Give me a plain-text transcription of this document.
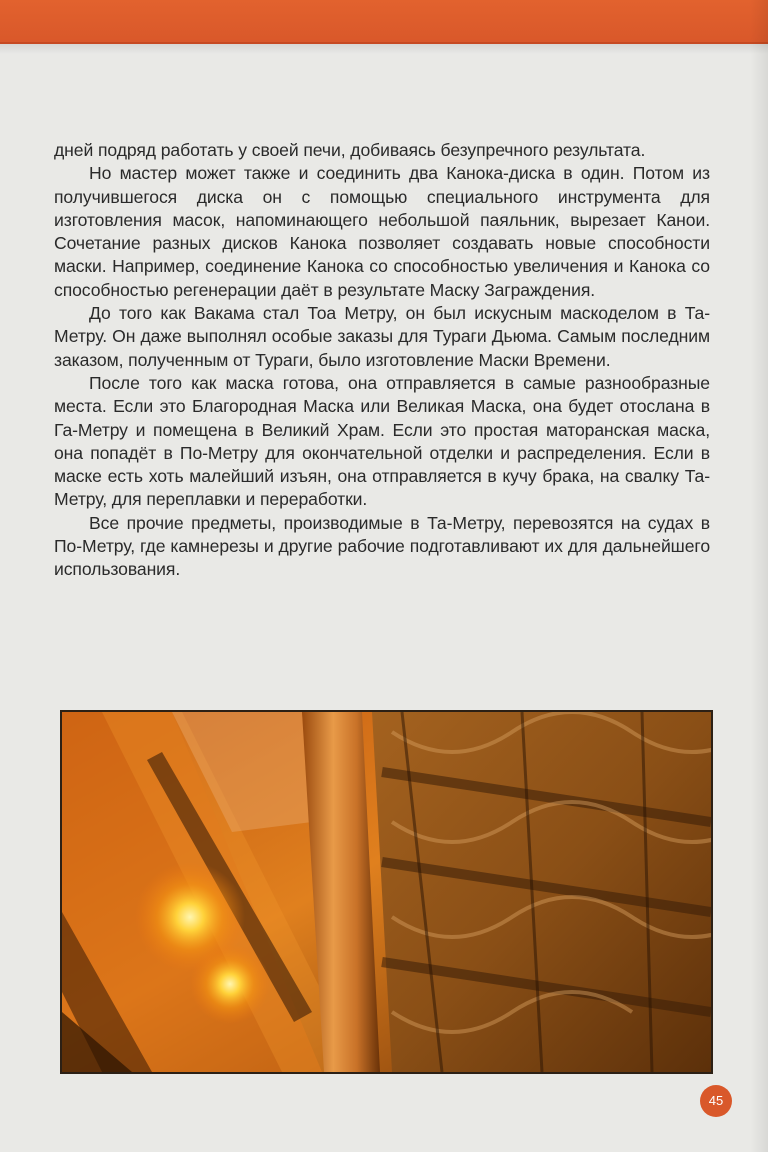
дней подряд работать у своей печи, добиваясь безупречного результата.

Но мастер может также и соединить два Канока-диска в один. Потом из получившегося диска он с помощью специального инструмента для изготовления масок, напоминающего небольшой паяльник, вырезает Канои. Сочетание разных дисков Канока позволяет создавать новые способности маски. Например, соединение Канока со способностью увеличения и Канока со способностью регенерации даёт в результате Маску Заграждения.

До того как Вакама стал Тоа Метру, он был искусным маскоделом в Та-Метру. Он даже выполнял особые заказы для Тураги Дьюма. Самым последним заказом, полученным от Тураги, было изготовление Маски Времени.

После того как маска готова, она отправляется в самые разнообразные места. Если это Благородная Маска или Великая Маска, она будет отослана в Га-Метру и помещена в Великий Храм. Если это простая маторанская маска, она попадёт в По-Метру для окончательной отделки и распределения. Если в маске есть хоть малейший изъян, она отправляется в кучу брака, на свалку Та-Метру, для переплавки и переработки.

Все прочие предметы, производимые в Та-Метру, перевозятся на судах в По-Метру, где камнерезы и другие рабочие подготавливают их для дальнейшего использования.

45
